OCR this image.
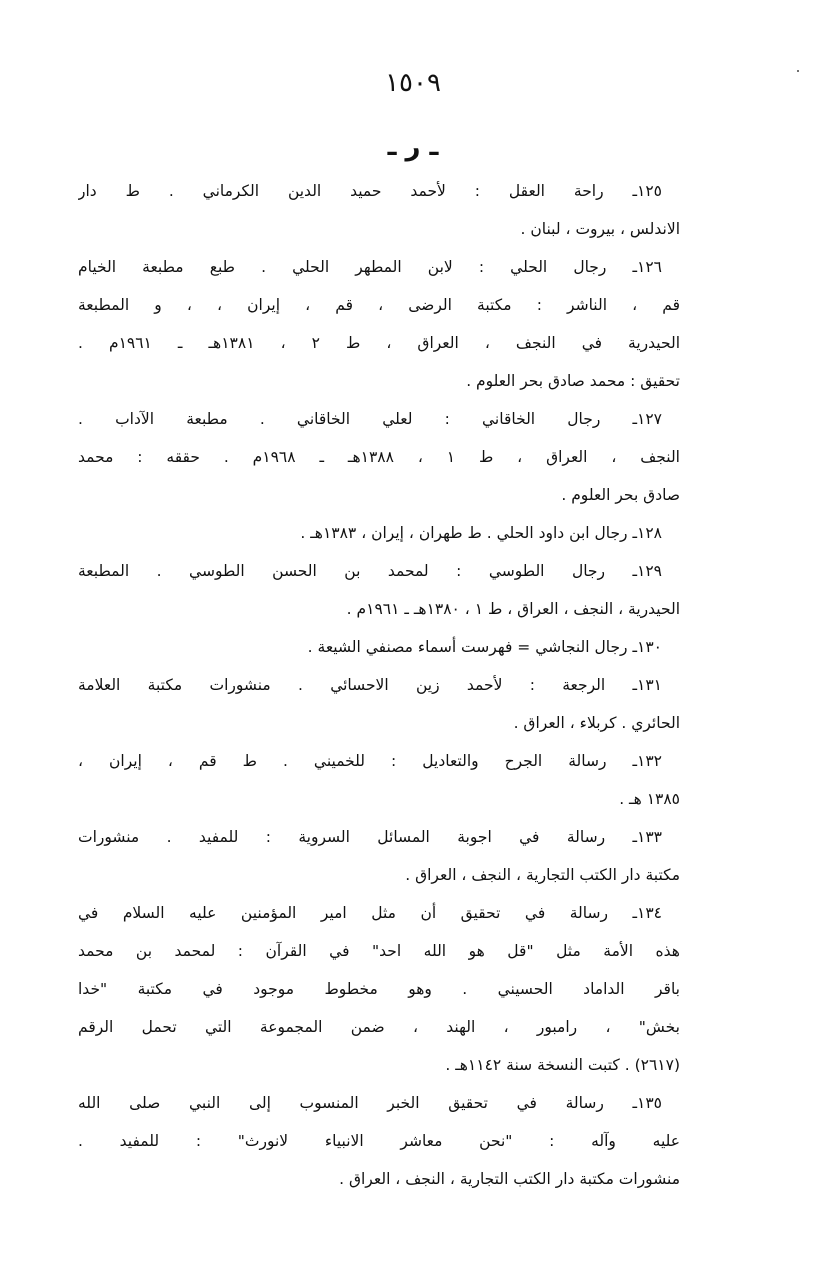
١٥٠٩
ـ ر ـ
١٢٥ـ راحة العقل : لأحمد حميد الدين الكرماني . ط دار
الاندلس ، بيروت ، لبنان .
١٢٦ـ رجال الحلي : لابن المطهر الحلي . طبع مطبعة الخيام
قم ، الناشر : مكتبة الرضى ، قم ، إيران ، ، و المطبعة
الحيدرية في النجف ، العراق ، ط ٢ ، ١٣٨١هـ ـ ١٩٦١م .
تحقيق : محمد صادق بحر العلوم .
١٢٧ـ رجال الخاقاني : لعلي الخاقاني . مطبعة الآداب .
النجف ، العراق ، ط ١ ، ١٣٨٨هـ ـ ١٩٦٨م . حققه : محمد
صادق بحر العلوم .
١٢٨ـ رجال ابن داود الحلي . ط طهران ، إيران ، ١٣٨٣هـ .
١٢٩ـ رجال الطوسي : لمحمد بن الحسن الطوسي . المطبعة
الحيدرية ، النجف ، العراق ، ط ١ ، ١٣٨٠هـ ـ ١٩٦١م .
١٣٠ـ رجال النجاشي = فهرست أسماء مصنفي الشيعة .
١٣١ـ الرجعة : لأحمد زين الاحسائي . منشورات مكتبة العلامة
الحائري . كربلاء ، العراق .
١٣٢ـ رسالة الجرح والتعاديل : للخميني . ط قم ، إيران ،
١٣٨٥ هـ .
١٣٣ـ رسالة في اجوبة المسائل السروية : للمفيد . منشورات
مكتبة دار الكتب التجارية ، النجف ، العراق .
١٣٤ـ رسالة في تحقيق أن مثل امير المؤمنين عليه السلام في
هذه الأمة مثل "قل هو الله احد" في القرآن : لمحمد بن محمد
باقر الداماد الحسيني . وهو مخطوط موجود في مكتبة "خدا
بخش" ، رامبور ، الهند ، ضمن المجموعة التي تحمل الرقم
(٢٦١٧) . كتبت النسخة سنة ١١٤٢هـ .
١٣٥ـ رسالة في تحقيق الخبر المنسوب إلى النبي صلى الله
عليه وآله : "نحن معاشر الانبياء لانورث" : للمفيد .
منشورات مكتبة دار الكتب التجارية ، النجف ، العراق .
